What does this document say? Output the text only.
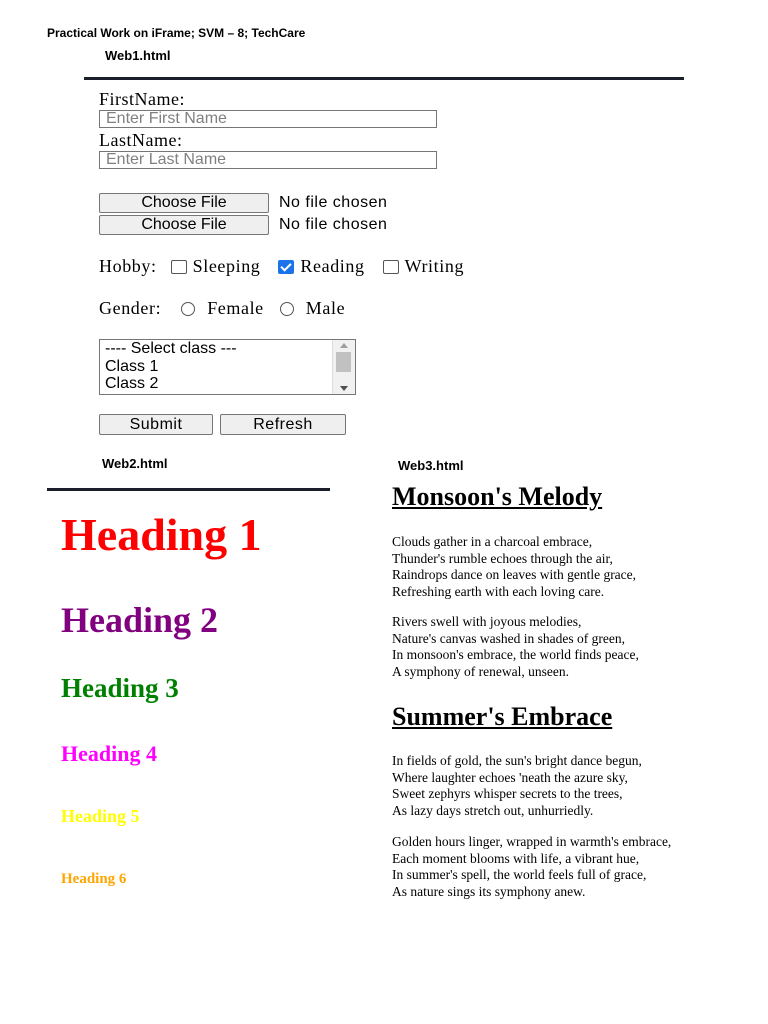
Practical Work on iFrame; SVM – 8; TechCare
Web1.html
FirstName:
Enter First Name
LastName:
Enter Last Name
Choose File	No file chosen
Choose File	No file chosen
Hobby: Sleeping Reading Writing
Gender:	Female Male
---- Select class ---
Class 1
Class 2
Submit	Refresh
Web2.html
Heading 1
Heading 2
Heading 3
Heading 4
Heading 5
Heading 6
Web3.html
Monsoon's Melody
Clouds gather in a charcoal embrace,
Thunder's rumble echoes through the air,
Raindrops dance on leaves with gentle grace,
Refreshing earth with each loving care.
Rivers swell with joyous melodies,
Nature's canvas washed in shades of green,
In monsoon's embrace, the world finds peace,
A symphony of renewal, unseen.
Summer's Embrace
In fields of gold, the sun's bright dance begun,
Where laughter echoes 'neath the azure sky,
Sweet zephyrs whisper secrets to the trees,
As lazy days stretch out, unhurriedly.
Golden hours linger, wrapped in warmth's embrace,
Each moment blooms with life, a vibrant hue,
In summer's spell, the world feels full of grace,
As nature sings its symphony anew.
